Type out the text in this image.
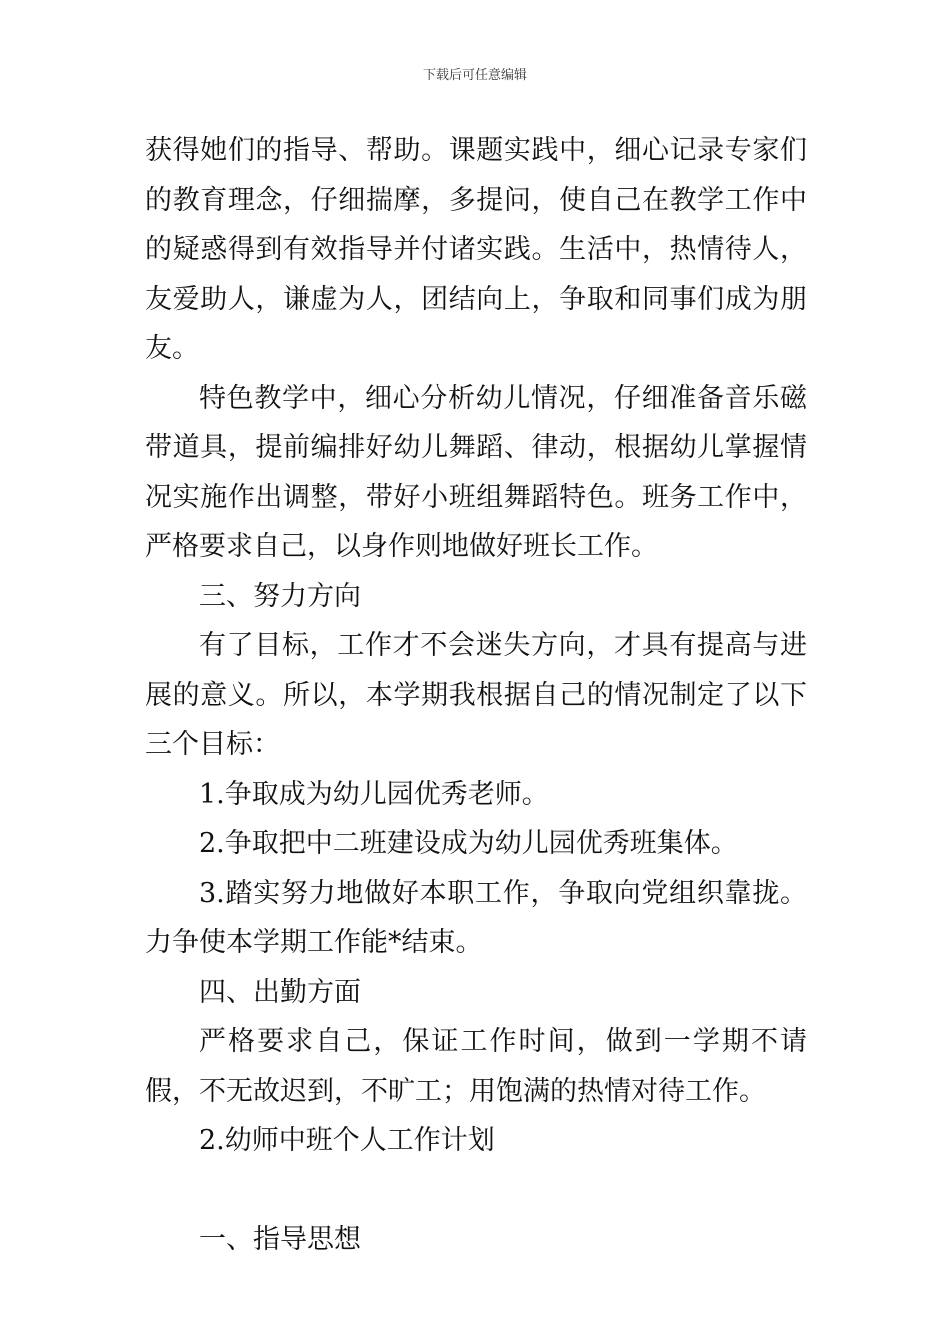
下载后可任意编辑

获得她们的指导、帮助。课题实践中，细心记录专家们的教育理念，仔细揣摩，多提问，使自己在教学工作中的疑惑得到有效指导并付诸实践。生活中，热情待人，友爱助人，谦虚为人，团结向上，争取和同事们成为朋友。

特色教学中，细心分析幼儿情况，仔细准备音乐磁带道具，提前编排好幼儿舞蹈、律动，根据幼儿掌握情况实施作出调整，带好小班组舞蹈特色。班务工作中，严格要求自己，以身作则地做好班长工作。

三、努力方向

有了目标，工作才不会迷失方向，才具有提高与进展的意义。所以，本学期我根据自己的情况制定了以下三个目标：

1.争取成为幼儿园优秀老师。

2.争取把中二班建设成为幼儿园优秀班集体。

3.踏实努力地做好本职工作，争取向党组织靠拢。力争使本学期工作能*结束。

四、出勤方面

严格要求自己，保证工作时间，做到一学期不请假，不无故迟到，不旷工；用饱满的热情对待工作。

2.幼师中班个人工作计划

一、指导思想
